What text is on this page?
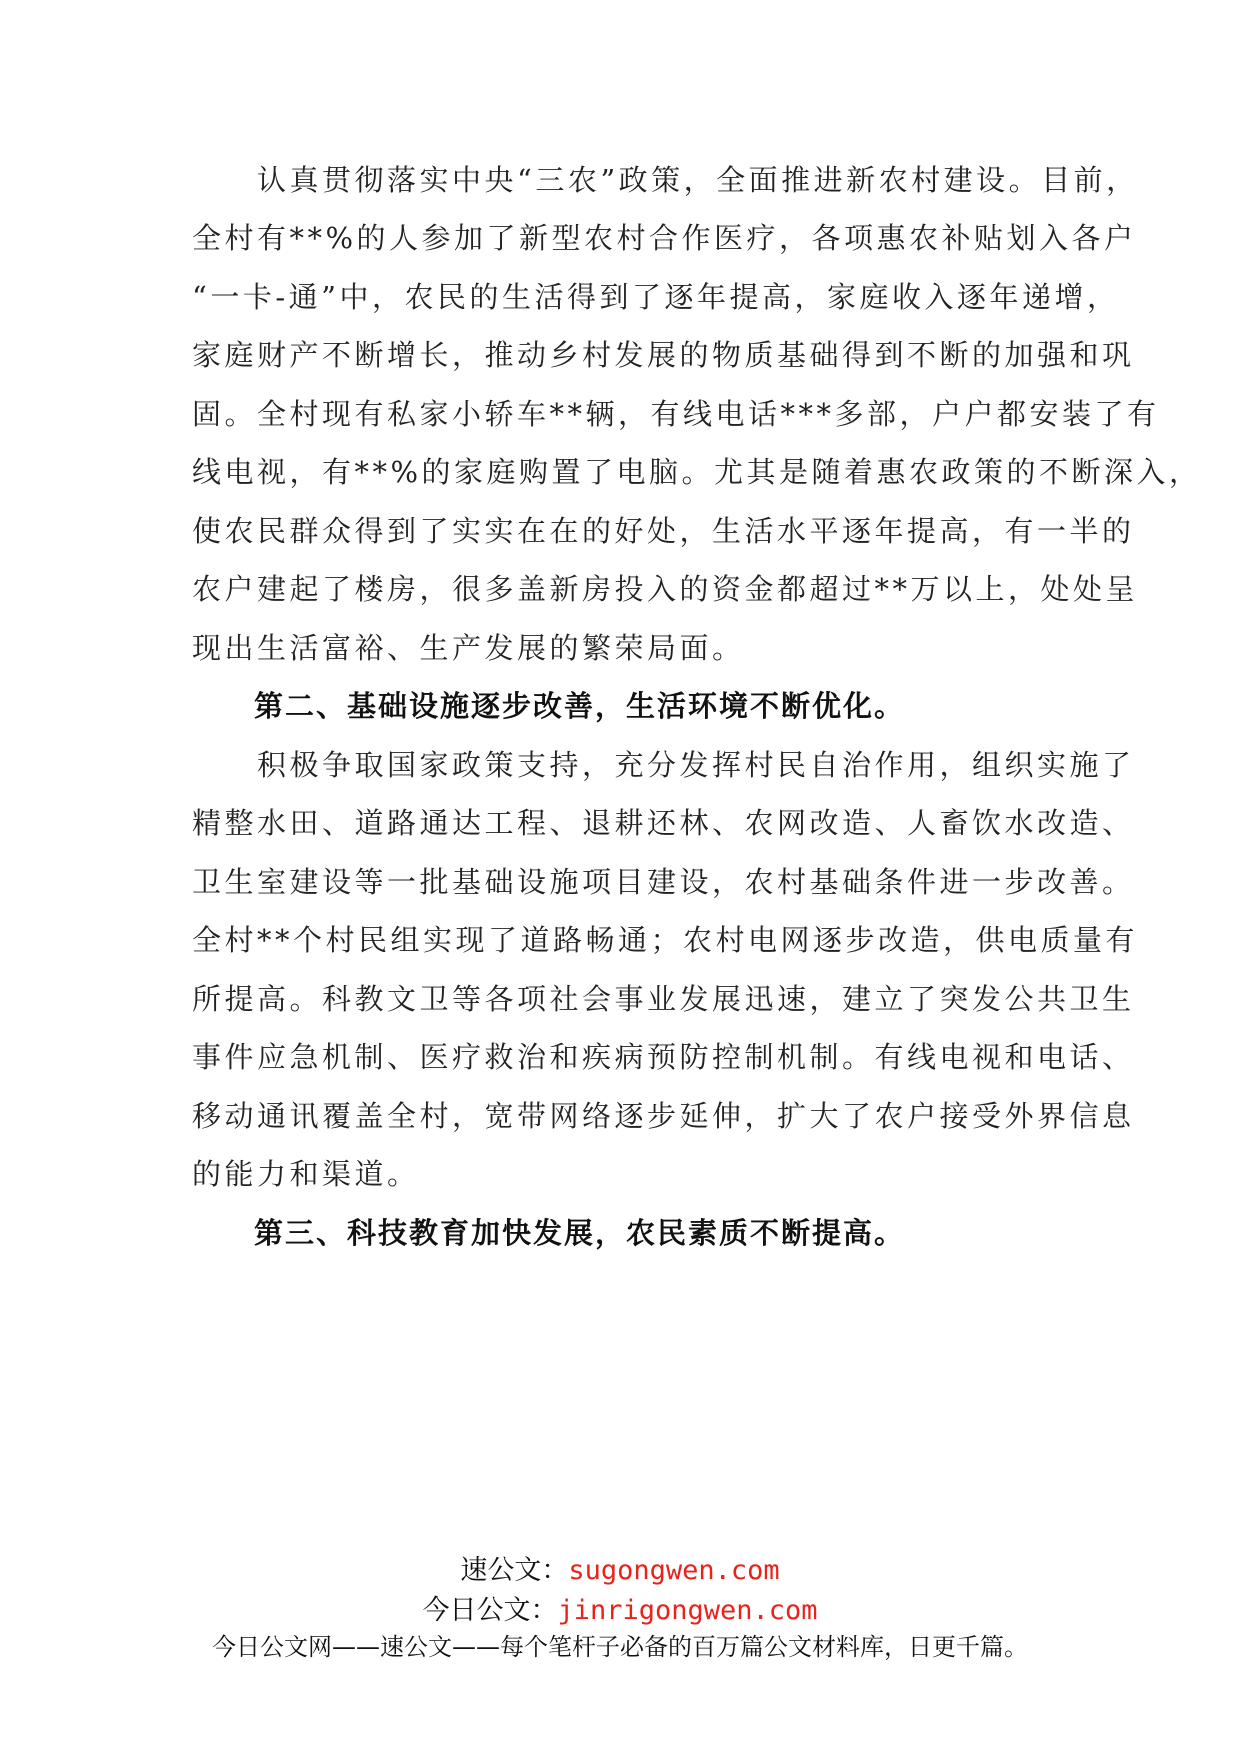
　　认真贯彻落实中央“三农”政策，全面推进新农村建设。目前，
全村有**%的人参加了新型农村合作医疗，各项惠农补贴划入各户
“一卡-通”中，农民的生活得到了逐年提高，家庭收入逐年递增，
家庭财产不断增长，推动乡村发展的物质基础得到不断的加强和巩
固。全村现有私家小轿车**辆，有线电话***多部，户户都安装了有
线电视，有**%的家庭购置了电脑。尤其是随着惠农政策的不断深入，
使农民群众得到了实实在在的好处，生活水平逐年提高，有一半的
农户建起了楼房，很多盖新房投入的资金都超过**万以上，处处呈
现出生活富裕、生产发展的繁荣局面。
　　第二、基础设施逐步改善，生活环境不断优化。
　　积极争取国家政策支持，充分发挥村民自治作用，组织实施了
精整水田、道路通达工程、退耕还林、农网改造、人畜饮水改造、
卫生室建设等一批基础设施项目建设，农村基础条件进一步改善。
全村**个村民组实现了道路畅通；农村电网逐步改造，供电质量有
所提高。科教文卫等各项社会事业发展迅速，建立了突发公共卫生
事件应急机制、医疗救治和疾病预防控制机制。有线电视和电话、
移动通讯覆盖全村，宽带网络逐步延伸，扩大了农户接受外界信息
的能力和渠道。
　　第三、科技教育加快发展，农民素质不断提高。
速公文：sugongwen.com
今日公文：jinrigongwen.com
今日公文网——速公文——每个笔杆子必备的百万篇公文材料库，日更千篇。
